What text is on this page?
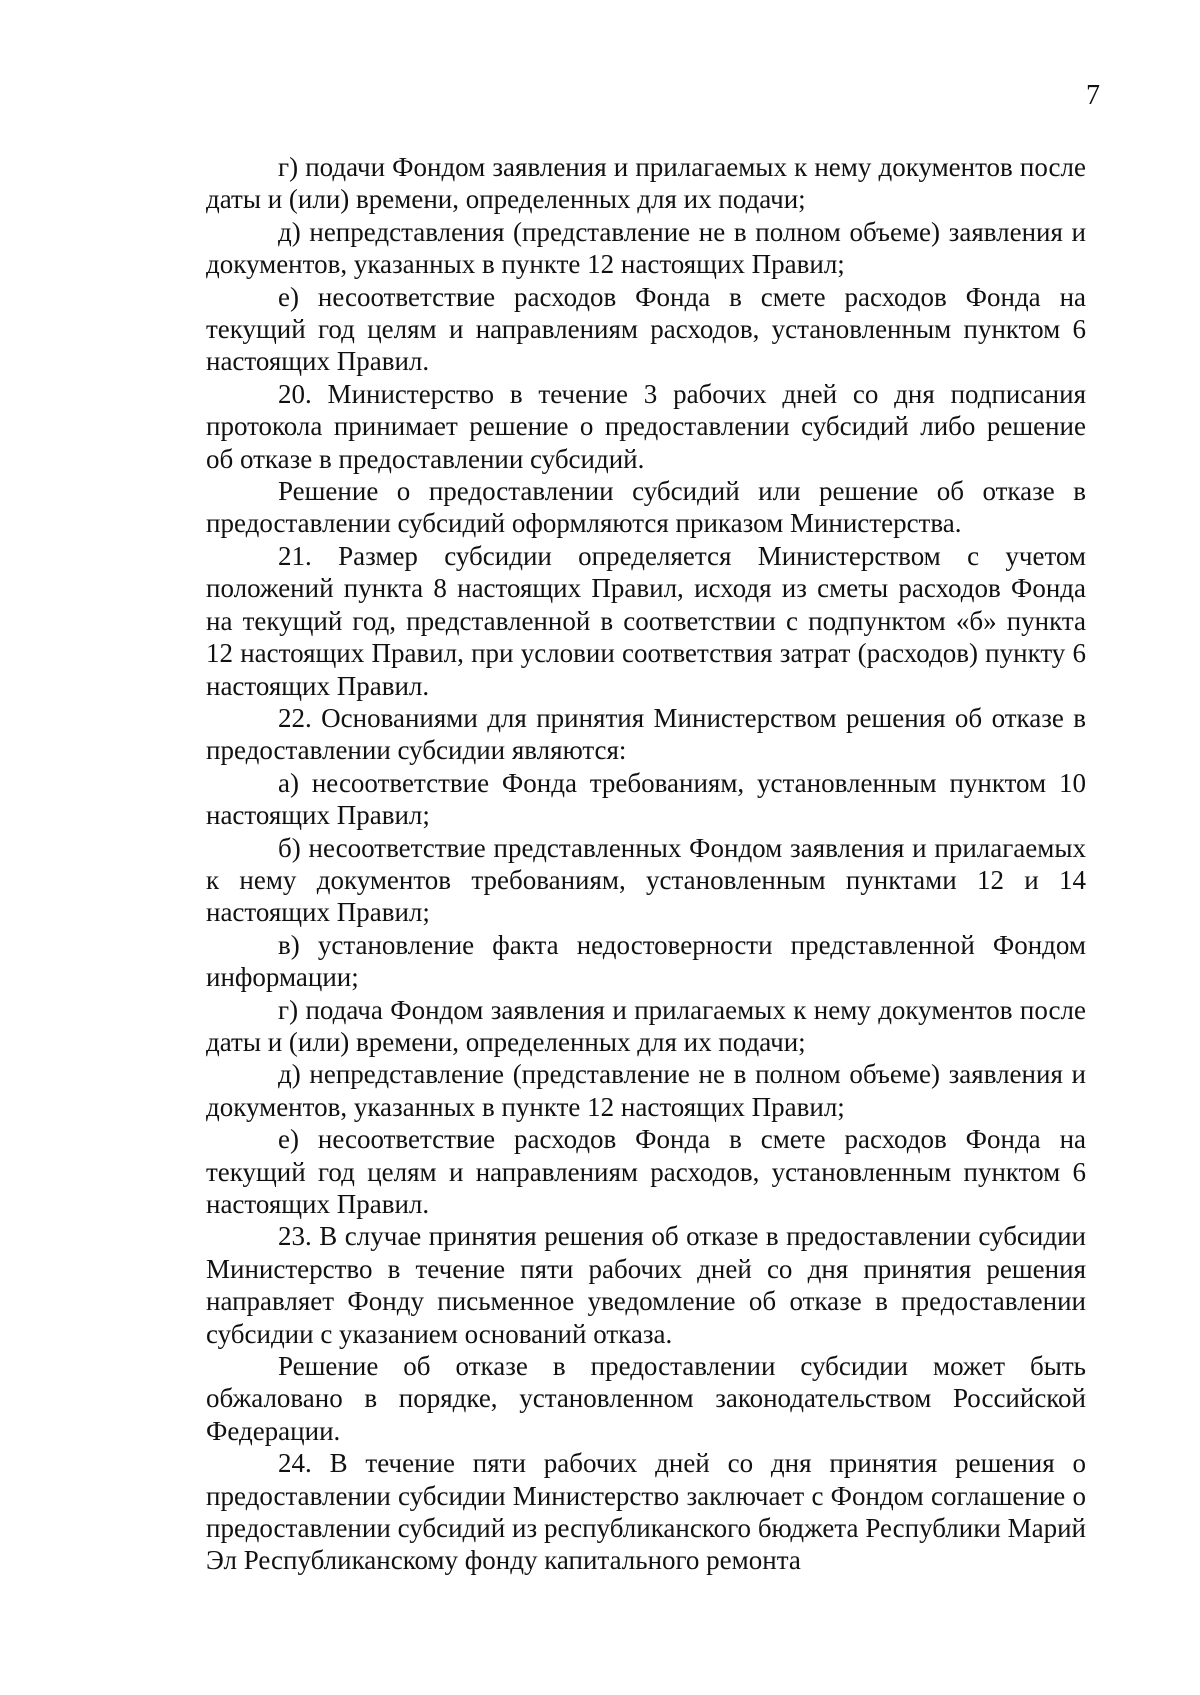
7

г) подачи Фондом заявления и прилагаемых к нему документов после даты и (или) времени, определенных для их подачи;

д) непредставления (представление не в полном объеме) заявления и документов, указанных в пункте 12 настоящих Правил;

е) несоответствие расходов Фонда в смете расходов Фонда на текущий год целям и направлениям расходов, установленным пунктом 6 настоящих Правил.

20. Министерство в течение 3 рабочих дней со дня подписания протокола принимает решение о предоставлении субсидий либо решение об отказе в предоставлении субсидий.

Решение о предоставлении субсидий или решение об отказе в предоставлении субсидий оформляются приказом Министерства.

21. Размер субсидии определяется Министерством с учетом положений пункта 8 настоящих Правил, исходя из сметы расходов Фонда на текущий год, представленной в соответствии с подпунктом «б» пункта 12 настоящих Правил, при условии соответствия затрат (расходов) пункту 6 настоящих Правил.

22. Основаниями для принятия Министерством решения об отказе в предоставлении субсидии являются:

а) несоответствие Фонда требованиям, установленным пунктом 10 настоящих Правил;

б) несоответствие представленных Фондом заявления и прилагаемых к нему документов требованиям, установленным пунктами 12 и 14 настоящих Правил;

в) установление факта недостоверности представленной Фондом информации;

г) подача Фондом заявления и прилагаемых к нему документов после даты и (или) времени, определенных для их подачи;

д) непредставление (представление не в полном объеме) заявления и документов, указанных в пункте 12 настоящих Правил;

е) несоответствие расходов Фонда в смете расходов Фонда на текущий год целям и направлениям расходов, установленным пунктом 6 настоящих Правил.

23. В случае принятия решения об отказе в предоставлении субсидии Министерство в течение пяти рабочих дней со дня принятия решения направляет Фонду письменное уведомление об отказе в предоставлении субсидии с указанием оснований отказа.

Решение об отказе в предоставлении субсидии может быть обжаловано в порядке, установленном законодательством Российской Федерации.

24. В течение пяти рабочих дней со дня принятия решения о предоставлении субсидии Министерство заключает с Фондом соглашение о предоставлении субсидий из республиканского бюджета Республики Марий Эл Республиканскому фонду капитального ремонта
